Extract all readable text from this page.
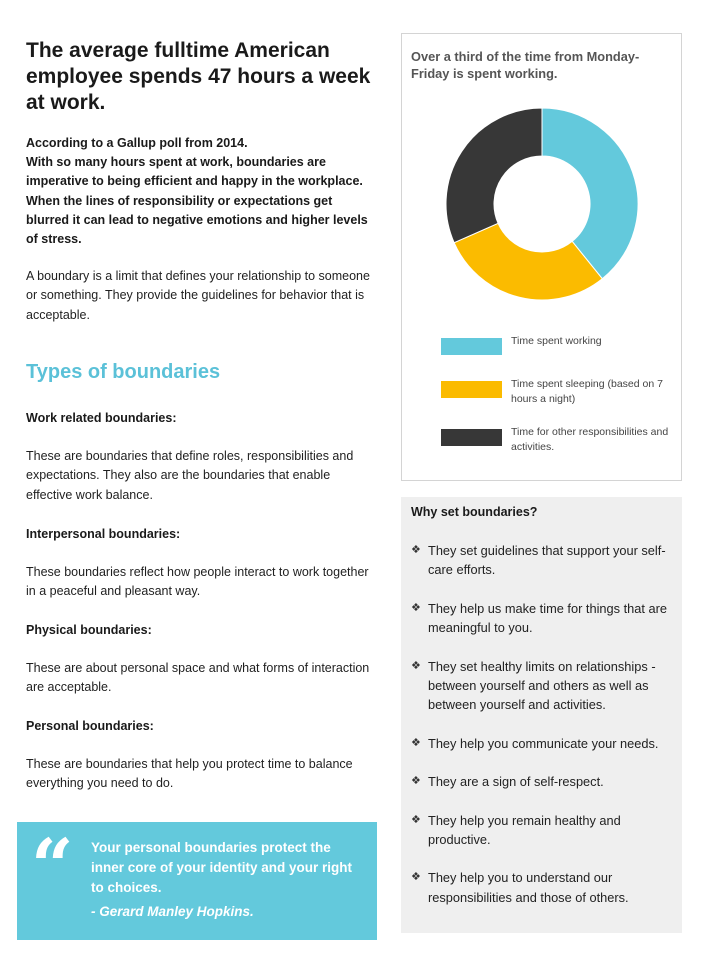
The average fulltime American employee spends 47 hours a week at work.

According to a Gallup poll from 2014.

With so many hours spent at work, boundaries are imperative to being efficient and happy in the workplace. When the lines of responsibility or expectations get blurred it can lead to negative emotions and higher levels of stress.

A boundary is a limit that defines your relationship to someone or something. They provide the guidelines for behavior that is acceptable.

Types of boundaries

Work related boundaries:

These are boundaries that define roles, responsibilities and expectations. They also are the boundaries that enable effective work balance.

Interpersonal boundaries:

These boundaries reflect how people interact to work together in a peaceful and pleasant way.

Physical boundaries:

These are about personal space and what forms of interaction are acceptable.

Personal boundaries:

These are boundaries that help you protect time to balance everything you need to do.

“ Your personal boundaries protect the inner core of your identity and your right to choices.

- Gerard Manley Hopkins.

Over a third of the time from Monday-Friday is spent working.

Time spent working

Time spent sleeping (based on 7 hours a night)

Time for other responsibilities and activities.

Why set boundaries?

❖ They set guidelines that support your self-care efforts.
❖ They help us make time for things that are meaningful to you.
❖ They set healthy limits on relationships - between yourself and others as well as between yourself and activities.
❖ They help you communicate your needs.
❖ They are a sign of self-respect.
❖ They help you remain healthy and productive.
❖ They help you to understand our responsibilities and those of others.
